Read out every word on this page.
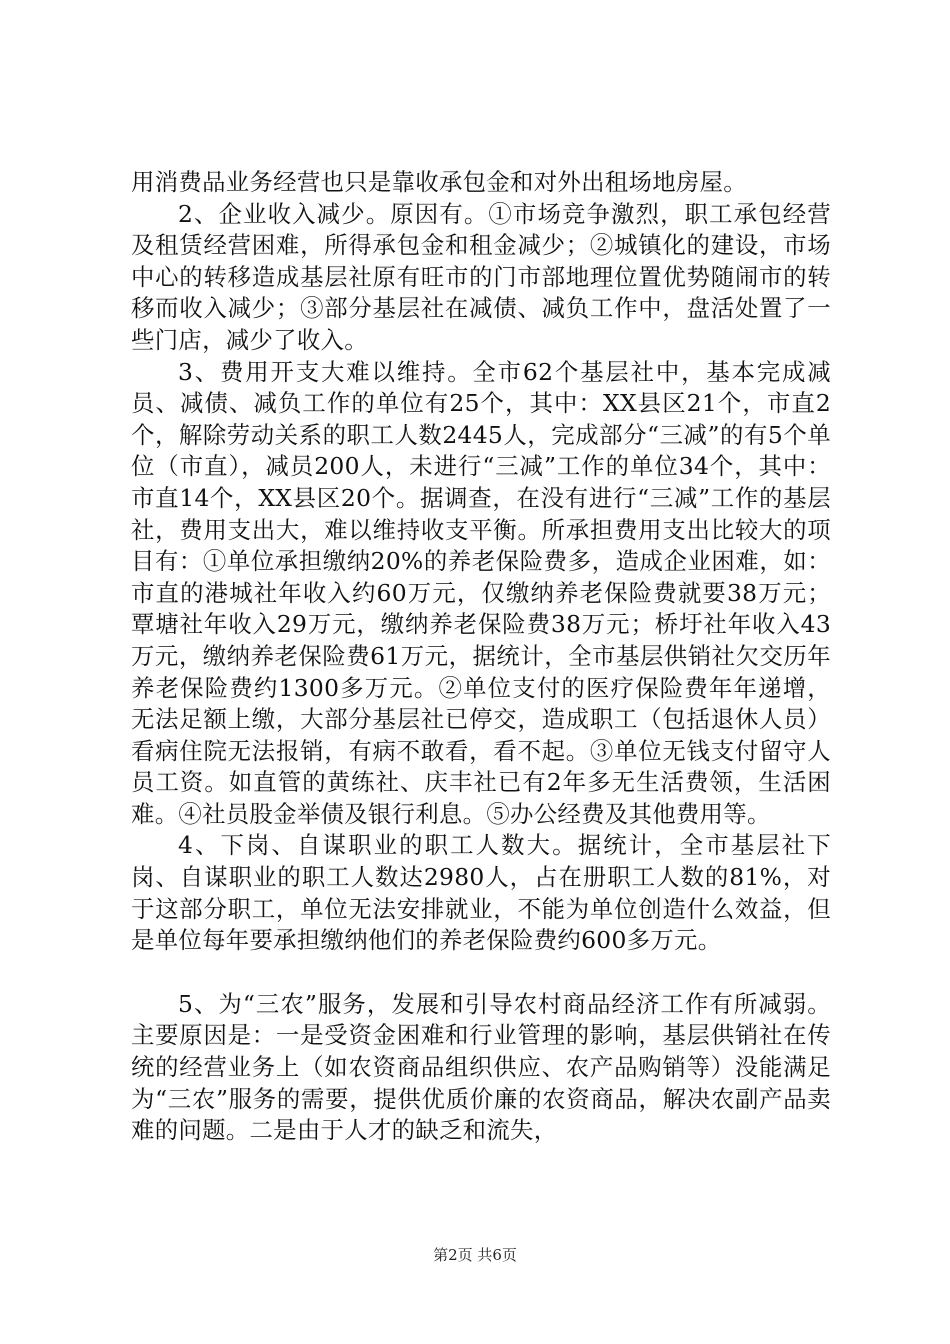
用消费品业务经营也只是靠收承包金和对外出租场地房屋。

2、企业收入减少。原因有。①市场竞争激烈，职工承包经营及租赁经营困难，所得承包金和租金减少；②城镇化的建设，市场中心的转移造成基层社原有旺市的门市部地理位置优势随闹市的转移而收入减少；③部分基层社在减债、减负工作中，盘活处置了一些门店，减少了收入。

3、费用开支大难以维持。全市62个基层社中，基本完成减员、减债、减负工作的单位有25个，其中：XX县区21个，市直2个，解除劳动关系的职工人数2445人，完成部分“三减”的有5个单位（市直），减员200人，未进行“三减”工作的单位34个，其中：市直14个，XX县区20个。据调查，在没有进行“三减”工作的基层社，费用支出大，难以维持收支平衡。所承担费用支出比较大的项目有：①单位承担缴纳20%的养老保险费多，造成企业困难，如：市直的港城社年收入约60万元，仅缴纳养老保险费就要38万元；覃塘社年收入29万元，缴纳养老保险费38万元；桥圩社年收入43万元，缴纳养老保险费61万元，据统计，全市基层供销社欠交历年养老保险费约1300多万元。②单位支付的医疗保险费年年递增，无法足额上缴，大部分基层社已停交，造成职工（包括退休人员）看病住院无法报销，有病不敢看，看不起。③单位无钱支付留守人员工资。如直管的黄练社、庆丰社已有2年多无生活费领，生活困难。④社员股金举债及银行利息。⑤办公经费及其他费用等。

4、下岗、自谋职业的职工人数大。据统计，全市基层社下岗、自谋职业的职工人数达2980人，占在册职工人数的81%，对于这部分职工，单位无法安排就业，不能为单位创造什么效益，但是单位每年要承担缴纳他们的养老保险费约600多万元。

5、为“三农”服务，发展和引导农村商品经济工作有所减弱。主要原因是：一是受资金困难和行业管理的影响，基层供销社在传统的经营业务上（如农资商品组织供应、农产品购销等）没能满足为“三农”服务的需要，提供优质价廉的农资商品，解决农副产品卖难的问题。二是由于人才的缺乏和流失，

第2页 共6页
